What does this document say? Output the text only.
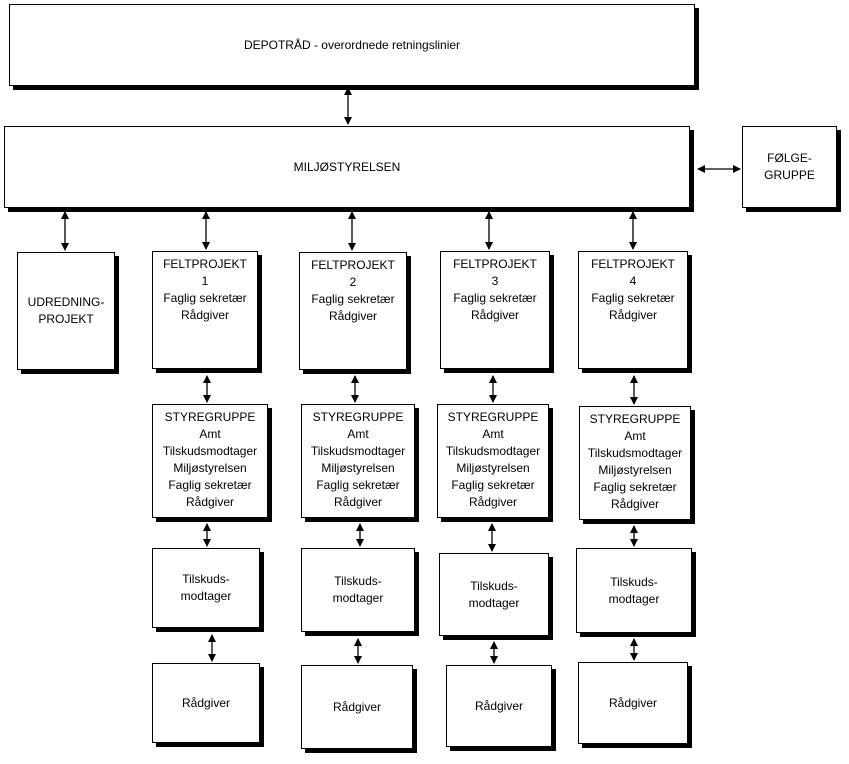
DEPOTRÅD - overordnede retningslinier
MILJØSTYRELSEN
FØLGE-
GRUPPE
UDREDNING-
PROJEKT
FELTPROJEKT
1
Faglig sekretær
Rådgiver
STYREGRUPPE
Amt
Tilskudsmodtager
Miljøstyrelsen
Faglig sekretær
Rådgiver
Tilskuds-
modtager
Rådgiver
FELTPROJEKT
2
Faglig sekretær
Rådgiver
STYREGRUPPE
Amt
Tilskudsmodtager
Miljøstyrelsen
Faglig sekretær
Rådgiver
Tilskuds-
modtager
Rådgiver
FELTPROJEKT
3
Faglig sekretær
Rådgiver
STYREGRUPPE
Amt
Tilskudsmodtager
Miljøstyrelsen
Faglig sekretær
Rådgiver
Tilskuds-
modtager
Rådgiver
FELTPROJEKT
4
Faglig sekretær
Rådgiver
STYREGRUPPE
Amt
Tilskudsmodtager
Miljøstyrelsen
Faglig sekretær
Rådgiver
Tilskuds-
modtager
Rådgiver
